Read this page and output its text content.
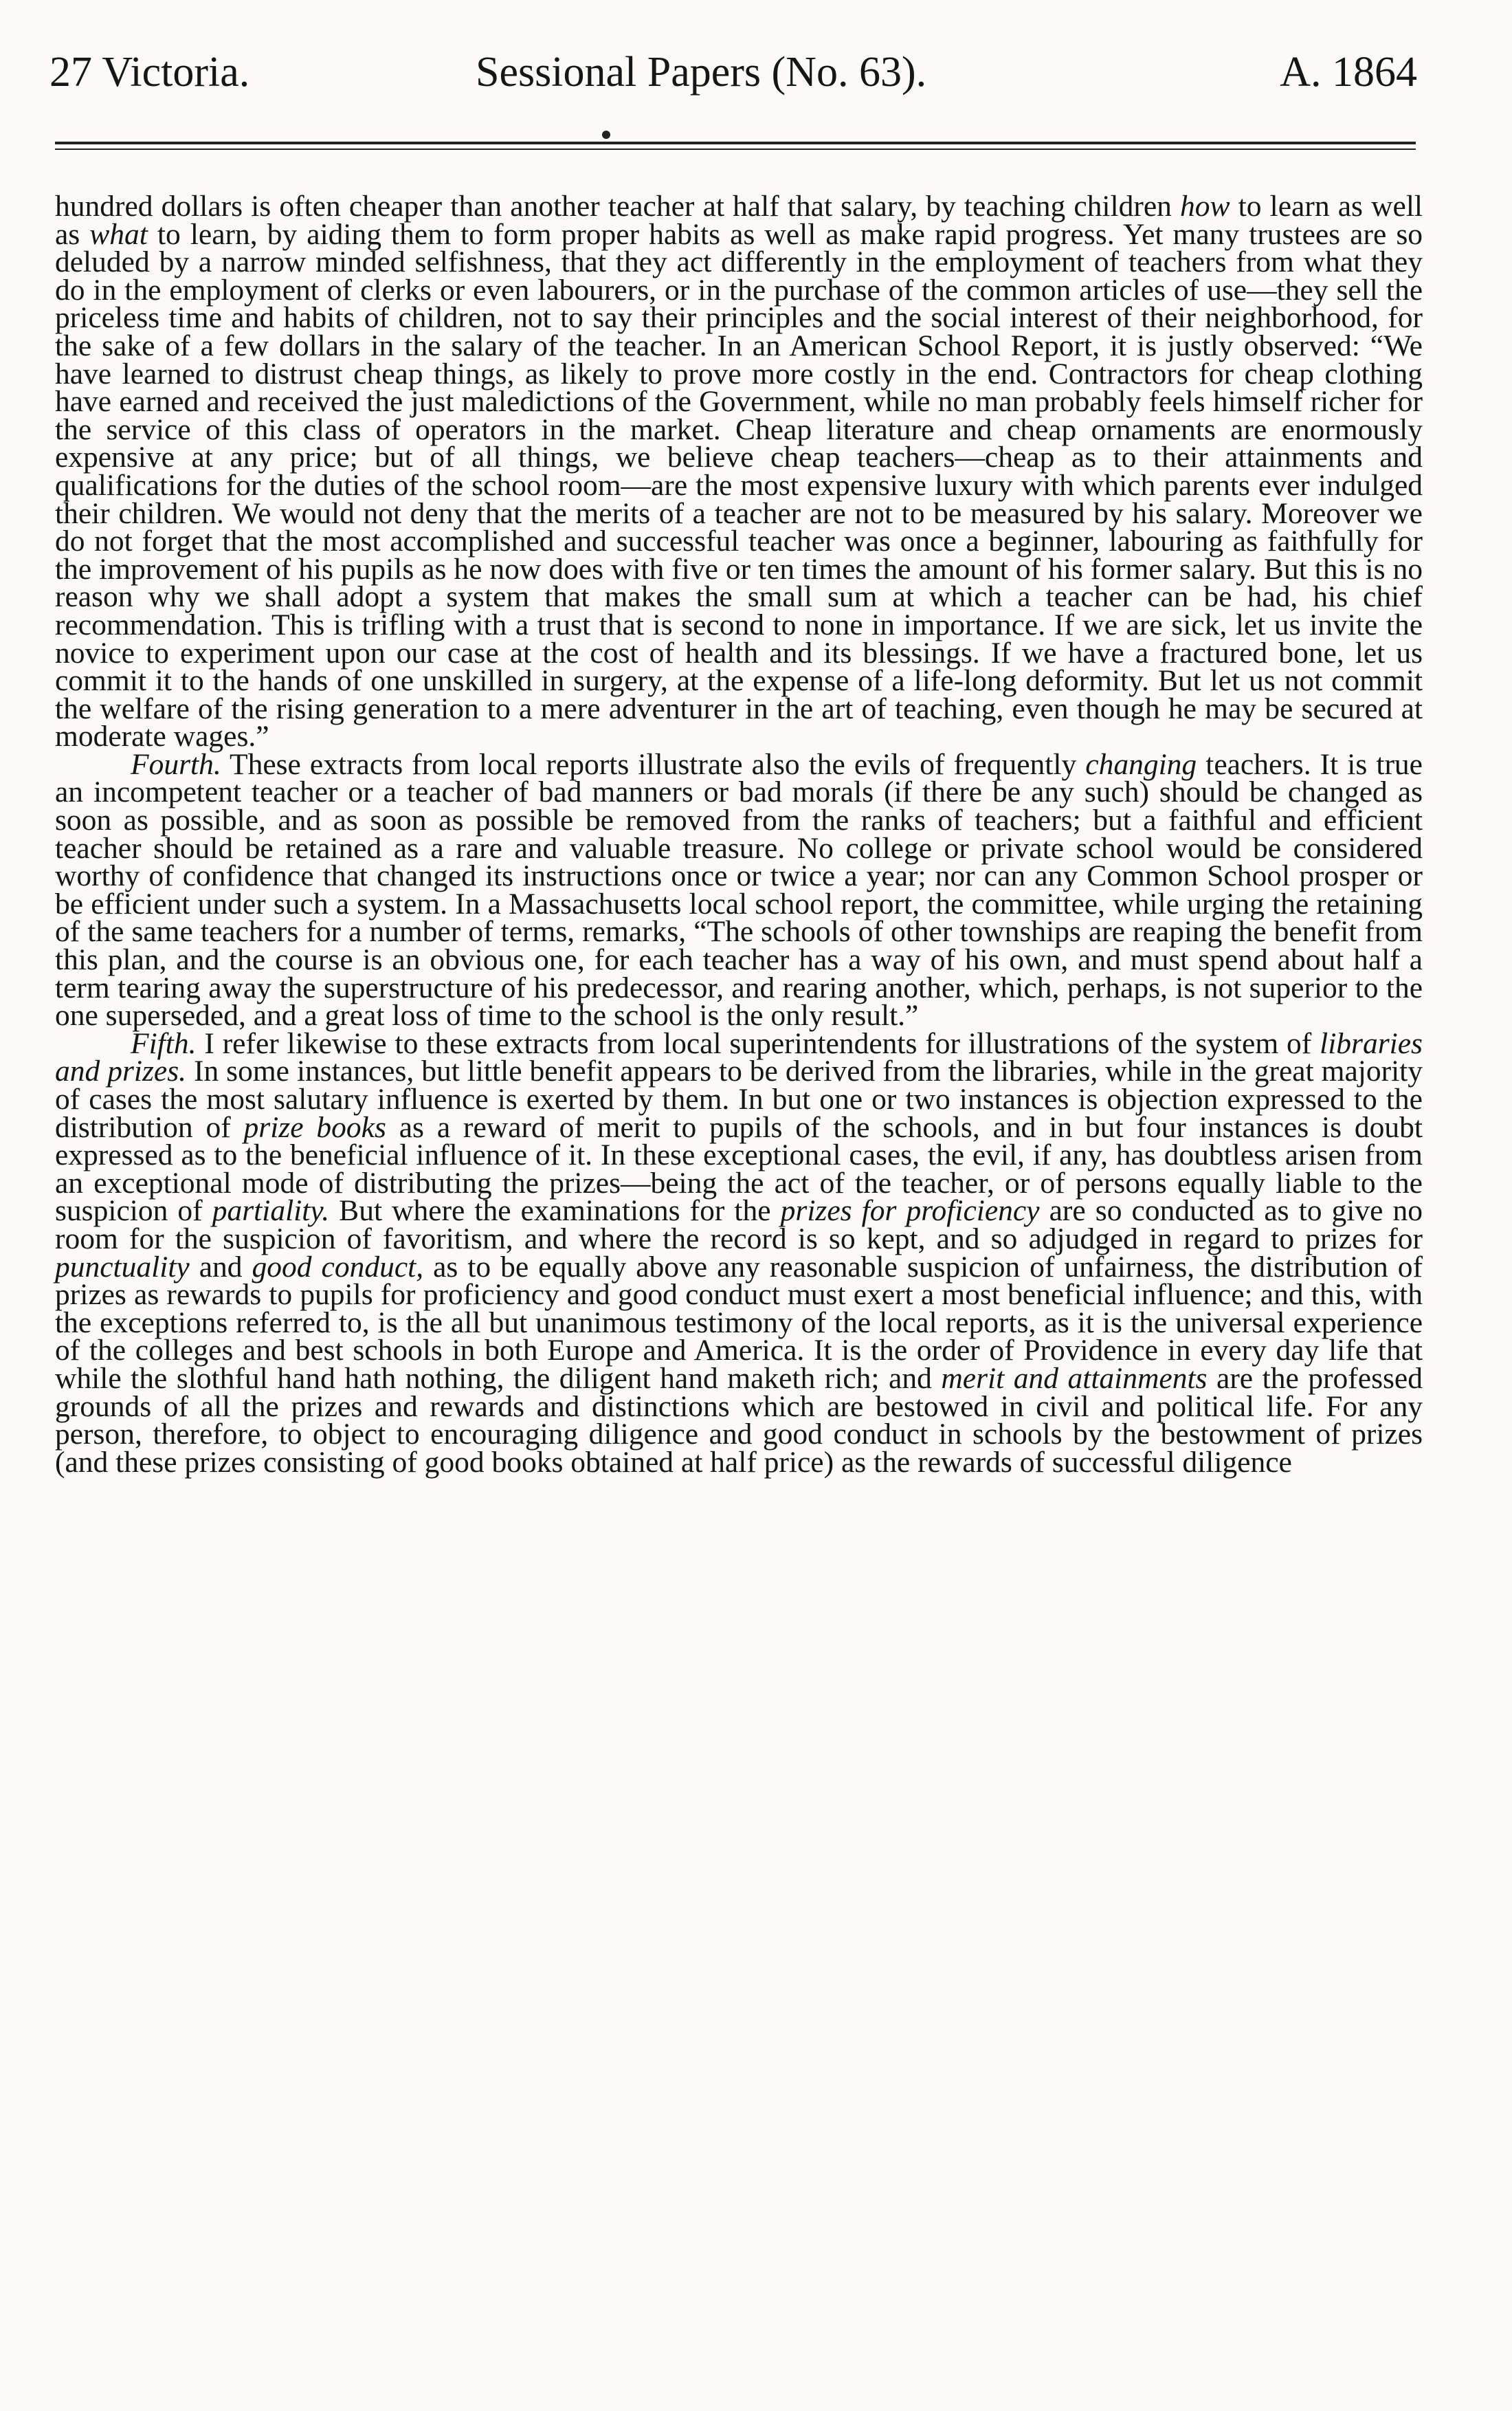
27 Victoria.	Sessional Papers (No. 63).	A. 1864

hundred dollars is often cheaper than another teacher at half that salary, by teaching children how to learn as well as what to learn, by aiding them to form proper habits as well as make rapid progress. Yet many trustees are so deluded by a narrow minded selfishness, that they act differently in the employment of teachers from what they do in the employment of clerks or even labourers, or in the purchase of the common articles of use—they sell the priceless time and habits of children, not to say their principles and the social interest of their neighborhood, for the sake of a few dollars in the salary of the teacher. In an American School Report, it is justly observed: “We have learned to distrust cheap things, as likely to prove more costly in the end. Contractors for cheap clothing have earned and received the just maledictions of the Government, while no man probably feels himself richer for the service of this class of operators in the market. Cheap literature and cheap ornaments are enormously expensive at any price; but of all things, we believe cheap teachers—cheap as to their attainments and qualifications for the duties of the school room—are the most expensive luxury with which parents ever indulged their children. We would not deny that the merits of a teacher are not to be measured by his salary. Moreover we do not forget that the most accomplished and successful teacher was once a beginner, labouring as faithfully for the improvement of his pupils as he now does with five or ten times the amount of his former salary. But this is no reason why we shall adopt a system that makes the small sum at which a teacher can be had, his chief recommendation. This is trifling with a trust that is second to none in importance. If we are sick, let us invite the novice to experiment upon our case at the cost of health and its blessings. If we have a fractured bone, let us commit it to the hands of one unskilled in surgery, at the expense of a life-long deformity. But let us not commit the welfare of the rising generation to a mere adventurer in the art of teaching, even though he may be secured at moderate wages.”

Fourth. These extracts from local reports illustrate also the evils of frequently changing teachers. It is true an incompetent teacher or a teacher of bad manners or bad morals (if there be any such) should be changed as soon as possible, and as soon as possible be removed from the ranks of teachers; but a faithful and efficient teacher should be retained as a rare and valuable treasure. No college or private school would be considered worthy of confidence that changed its instructions once or twice a year; nor can any Common School prosper or be efficient under such a system. In a Massachusetts local school report, the committee, while urging the retaining of the same teachers for a number of terms, remarks, “The schools of other townships are reaping the benefit from this plan, and the course is an obvious one, for each teacher has a way of his own, and must spend about half a term tearing away the superstructure of his predecessor, and rearing another, which, perhaps, is not superior to the one superseded, and a great loss of time to the school is the only result.”

Fifth. I refer likewise to these extracts from local superintendents for illustrations of the system of libraries and prizes. In some instances, but little benefit appears to be derived from the libraries, while in the great majority of cases the most salutary influence is exerted by them. In but one or two instances is objection expressed to the distribution of prize books as a reward of merit to pupils of the schools, and in but four instances is doubt expressed as to the beneficial influence of it. In these exceptional cases, the evil, if any, has doubtless arisen from an exceptional mode of distributing the prizes—being the act of the teacher, or of persons equally liable to the suspicion of partiality. But where the examinations for the prizes for proficiency are so conducted as to give no room for the suspicion of favoritism, and where the record is so kept, and so adjudged in regard to prizes for punctuality and good conduct, as to be equally above any reasonable suspicion of unfairness, the distribution of prizes as rewards to pupils for proficiency and good conduct must exert a most beneficial influence; and this, with the exceptions referred to, is the all but unanimous testimony of the local reports, as it is the universal experience of the colleges and best schools in both Europe and America. It is the order of Providence in every day life that while the slothful hand hath nothing, the diligent hand maketh rich; and merit and attainments are the professed grounds of all the prizes and rewards and distinctions which are bestowed in civil and political life. For any person, therefore, to object to encouraging diligence and good conduct in schools by the bestowment of prizes (and these prizes consisting of good books obtained at half price) as the rewards of successful diligence
